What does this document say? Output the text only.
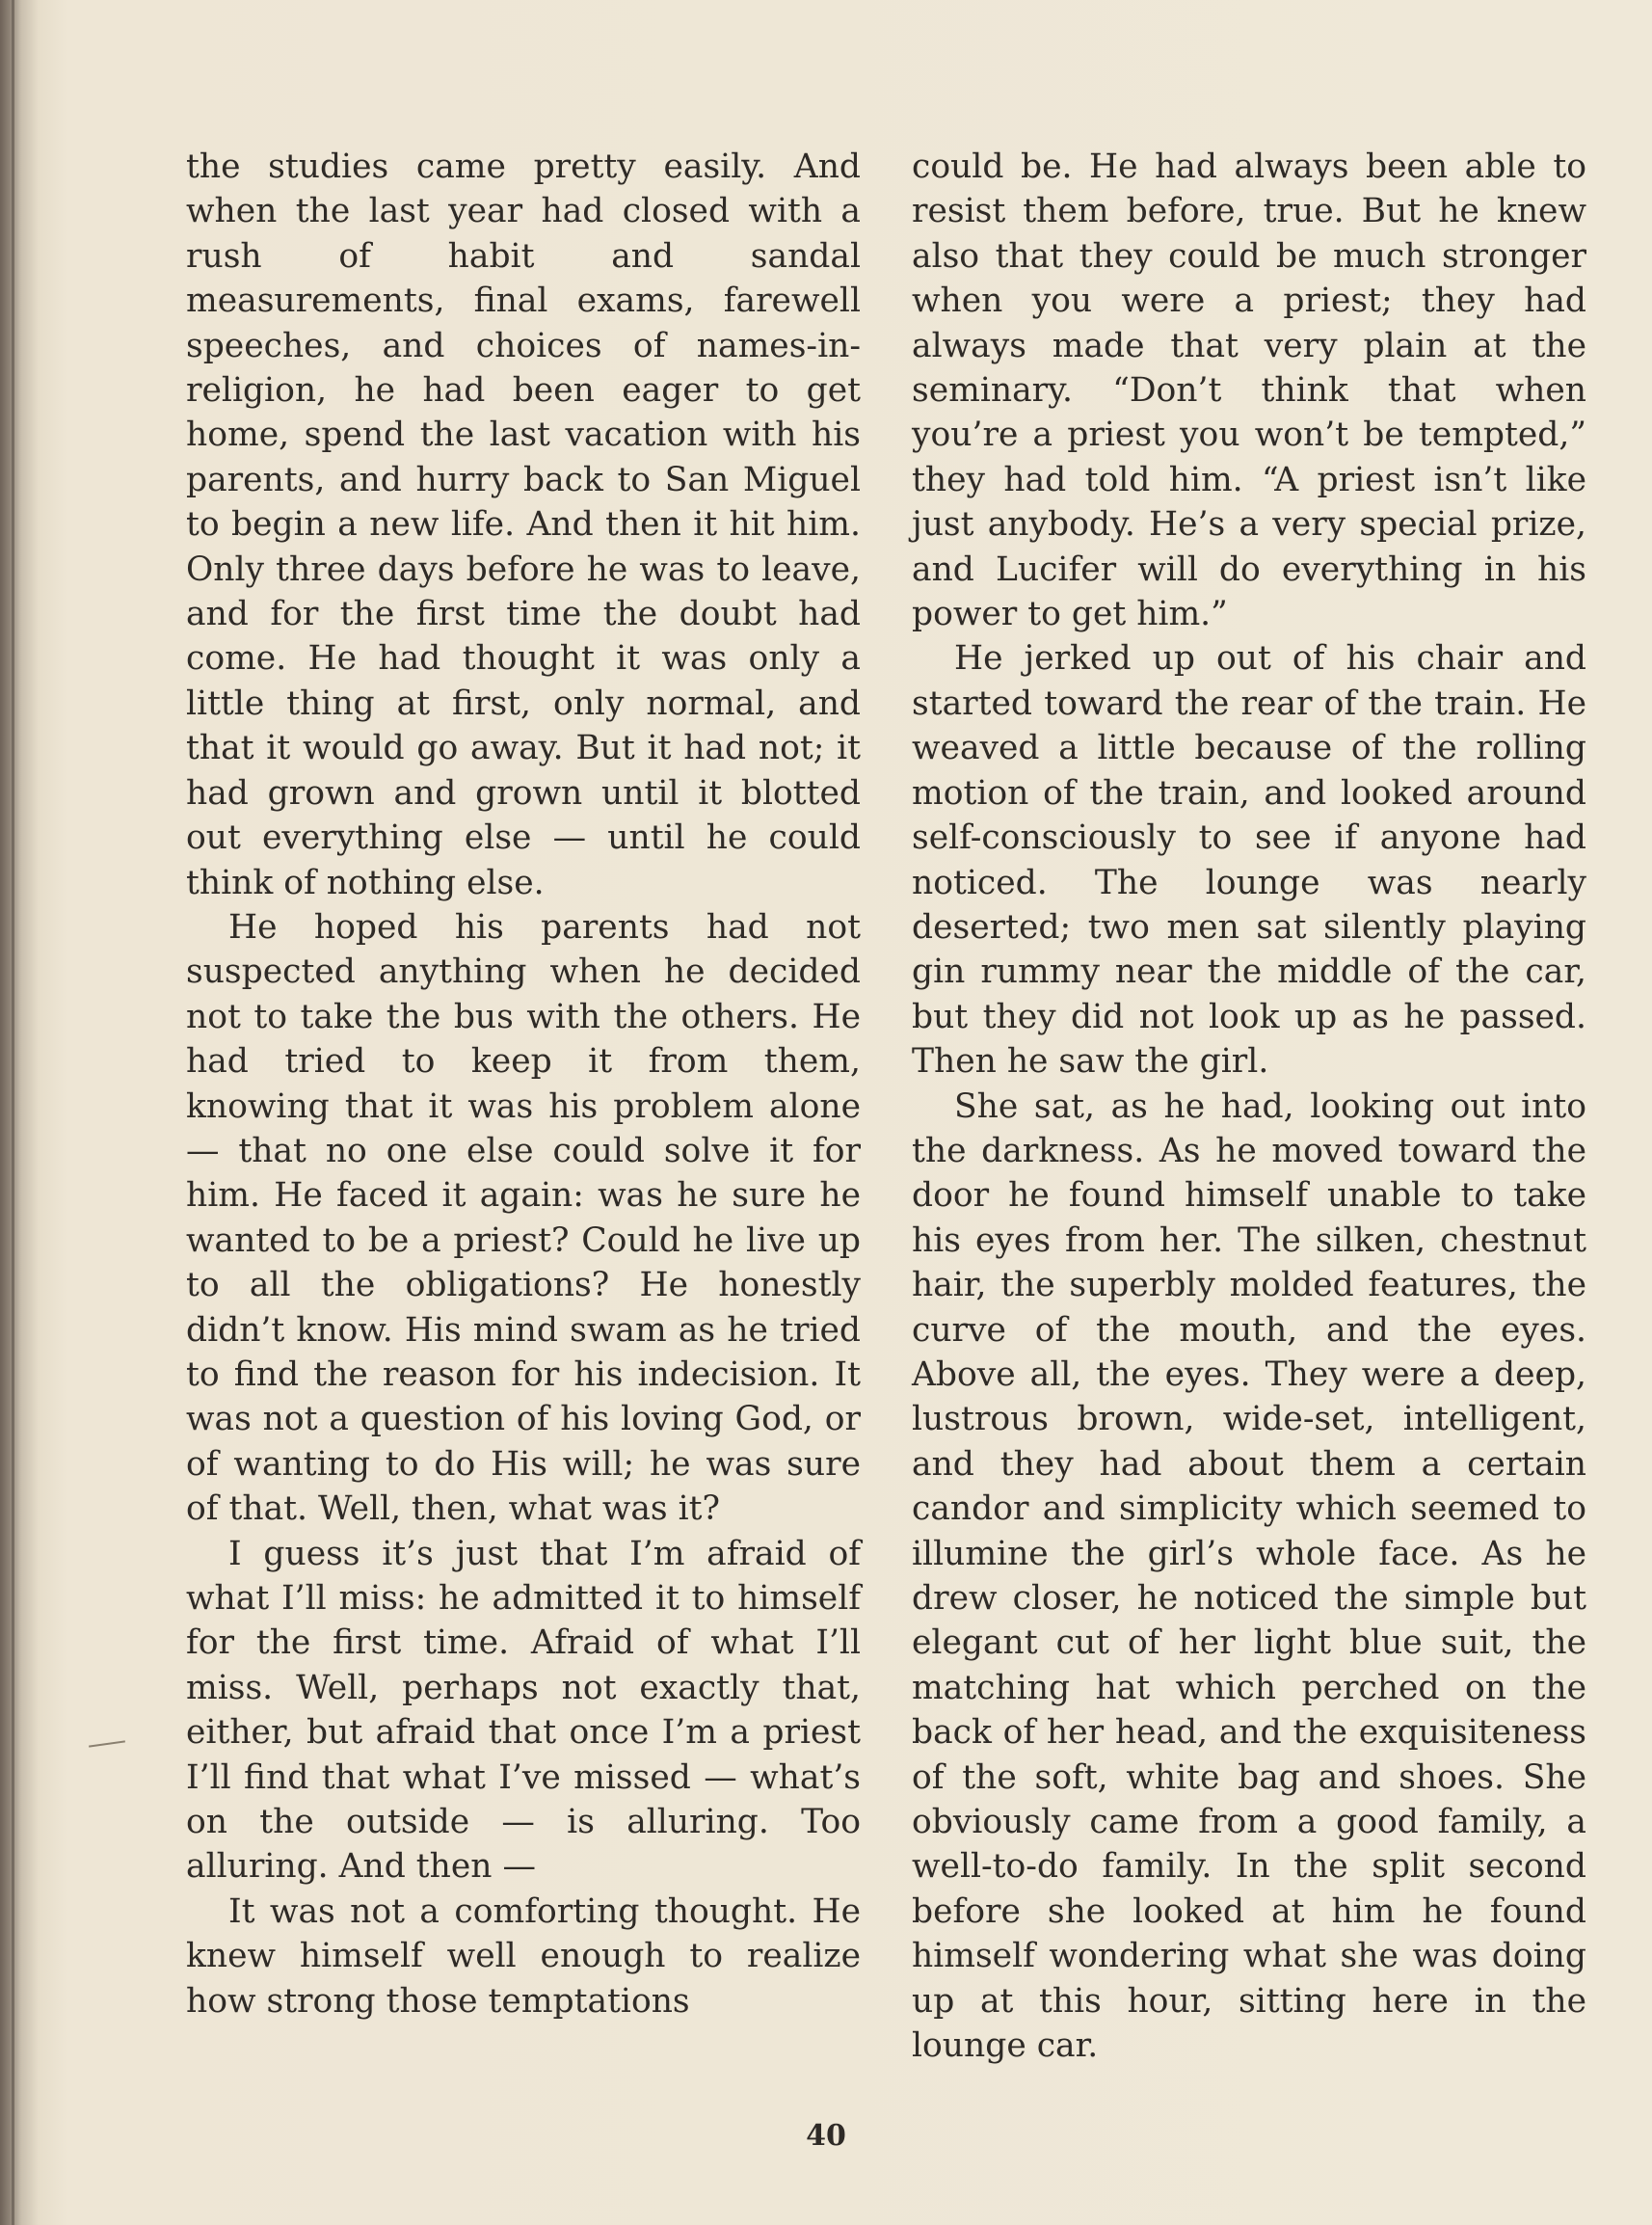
the studies came pretty easily. And when the last year had closed with a rush of habit and sandal measurements, final exams, farewell speeches, and choices of names-in-religion, he had been eager to get home, spend the last vacation with his parents, and hurry back to San Miguel to begin a new life. And then it hit him. Only three days before he was to leave, and for the first time the doubt had come. He had thought it was only a little thing at first, only normal, and that it would go away. But it had not; it had grown and grown until it blotted out everything else — until he could think of nothing else.

He hoped his parents had not suspected anything when he decided not to take the bus with the others. He had tried to keep it from them, knowing that it was his problem alone — that no one else could solve it for him. He faced it again: was he sure he wanted to be a priest? Could he live up to all the obligations? He honestly didn’t know. His mind swam as he tried to find the reason for his indecision. It was not a question of his loving God, or of wanting to do His will; he was sure of that. Well, then, what was it?

I guess it’s just that I’m afraid of what I’ll miss: he admitted it to himself for the first time. Afraid of what I’ll miss. Well, perhaps not exactly that, either, but afraid that once I’m a priest I’ll find that what I’ve missed — what’s on the outside — is alluring. Too alluring. And then —

It was not a comforting thought. He knew himself well enough to realize how strong those temptations

could be. He had always been able to resist them before, true. But he knew also that they could be much stronger when you were a priest; they had always made that very plain at the seminary. “Don’t think that when you’re a priest you won’t be tempted,” they had told him. “A priest isn’t like just anybody. He’s a very special prize, and Lucifer will do everything in his power to get him.”

He jerked up out of his chair and started toward the rear of the train. He weaved a little because of the rolling motion of the train, and looked around self-consciously to see if anyone had noticed. The lounge was nearly deserted; two men sat silently playing gin rummy near the middle of the car, but they did not look up as he passed. Then he saw the girl.

She sat, as he had, looking out into the darkness. As he moved toward the door he found himself unable to take his eyes from her. The silken, chestnut hair, the superbly molded features, the curve of the mouth, and the eyes. Above all, the eyes. They were a deep, lustrous brown, wide-set, intelligent, and they had about them a certain candor and simplicity which seemed to illumine the girl’s whole face. As he drew closer, he noticed the simple but elegant cut of her light blue suit, the matching hat which perched on the back of her head, and the exquisiteness of the soft, white bag and shoes. She obviously came from a good family, a well-to-do family. In the split second before she looked at him he found himself wondering what she was doing up at this hour, sitting here in the lounge car.

40
